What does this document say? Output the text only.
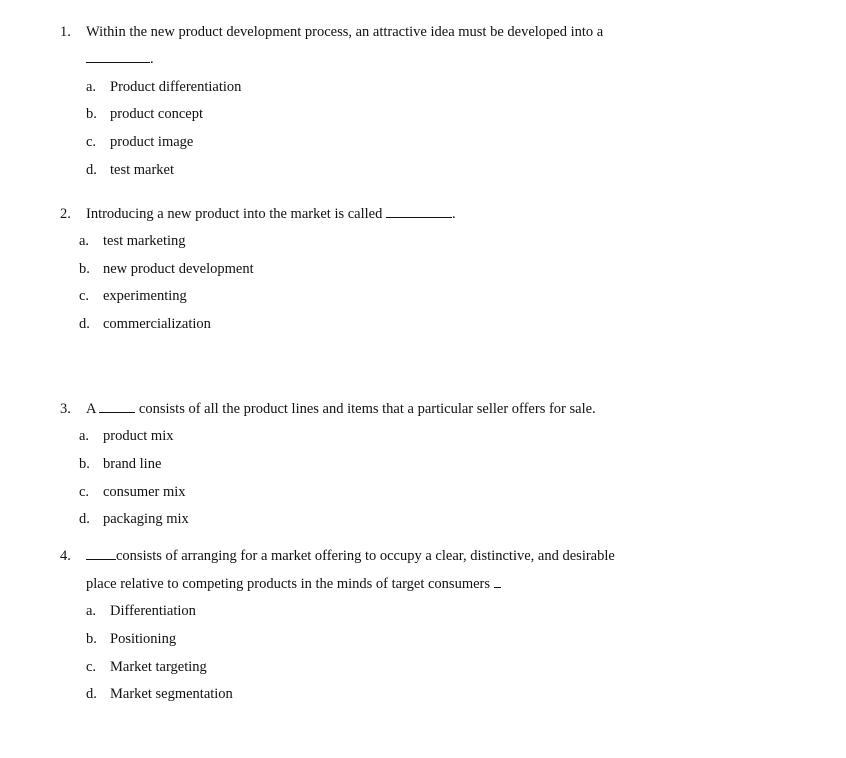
1. Within the new product development process, an attractive idea must be developed into a
.
a. Product differentiation
b. product concept
c. product image
d. test market
2. Introducing a new product into the market is called	.
a. test marketing
b. new product development
c. experimenting
d. commercialization
3. A	consists of all the product lines and items that a particular seller offers for sale.
a. product mix
b. brand line
c. consumer mix
d. packaging mix
4.	consists of arranging for a market offering to occupy a clear, distinctive, and desirable
place relative to competing products in the minds of target consumers
a. Differentiation
b. Positioning
c. Market targeting
d. Market segmentation
